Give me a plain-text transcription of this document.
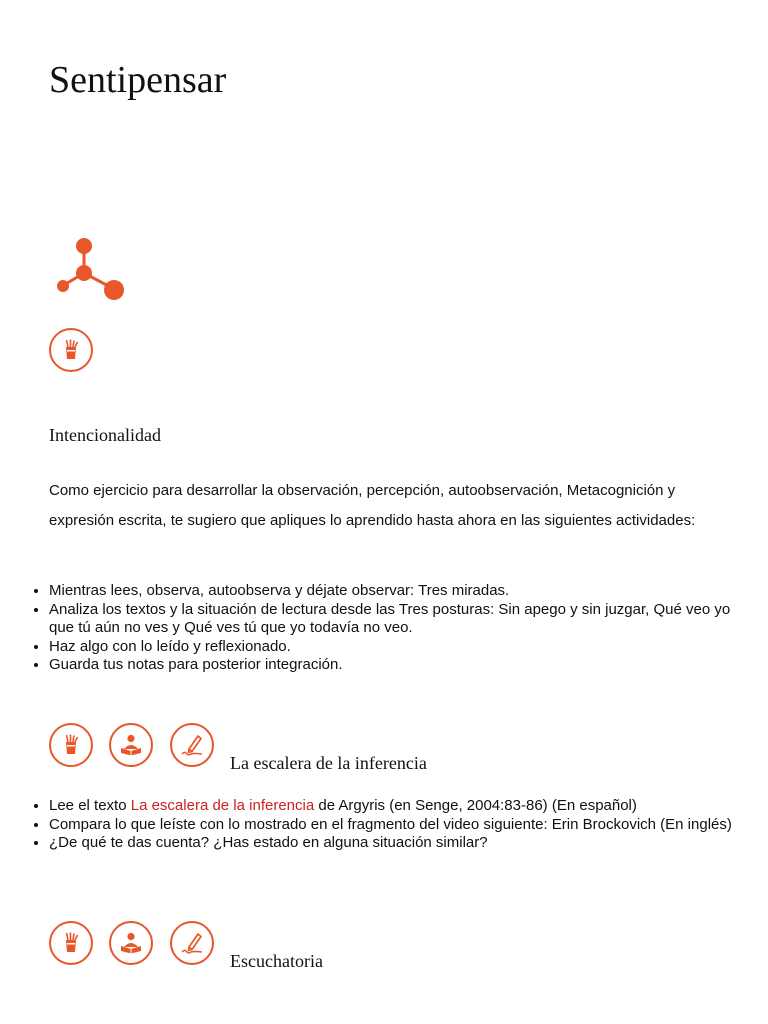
Sentipensar
Intencionalidad

Como ejercicio para desarrollar la observación, percepción, autoobservación, Metacognición y expresión escrita, te sugiero que apliques lo aprendido hasta ahora en las siguientes actividades:

• Mientras lees, observa, autoobserva y déjate observar: Tres miradas.
• Analiza los textos y la situación de lectura desde las Tres posturas: Sin apego y sin juzgar, Qué veo yo que tú aún no ves y Qué ves tú que yo todavía no veo.
• Haz algo con lo leído y reflexionado.
• Guarda tus notas para posterior integración.
La escalera de la inferencia
• Lee el texto La escalera de la inferencia de Argyris (en Senge, 2004:83-86) (En español)
• Compara lo que leíste con lo mostrado en el fragmento del video siguiente: Erin Brockovich (En inglés)
• ¿De qué te das cuenta? ¿Has estado en alguna situación similar?
Escuchatoria
